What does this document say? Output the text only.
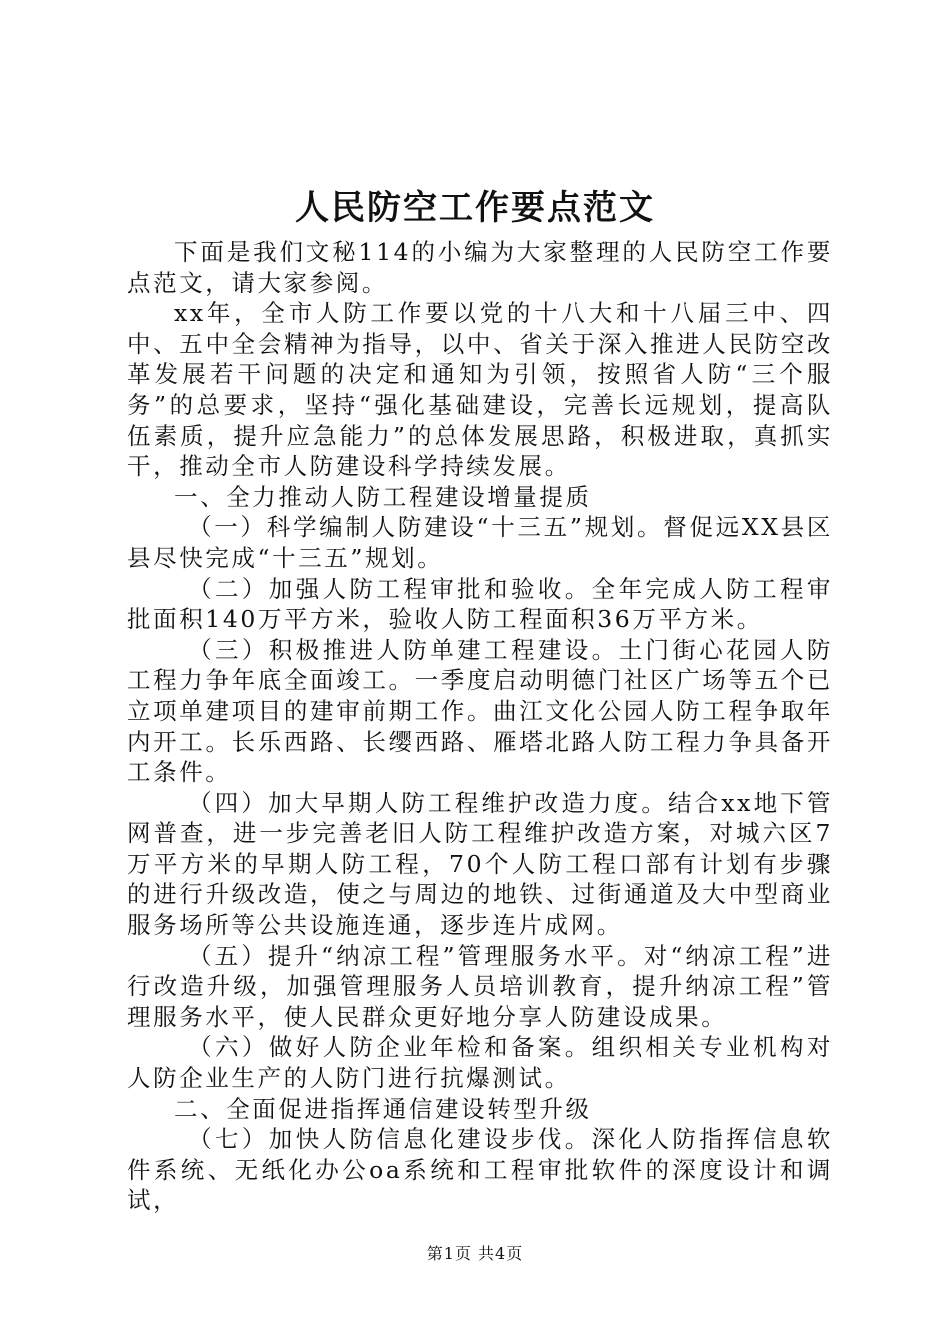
人民防空工作要点范文

下面是我们文秘114的小编为大家整理的人民防空工作要点范文，请大家参阅。

xx年，全市人防工作要以党的十八大和十八届三中、四中、五中全会精神为指导，以中、省关于深入推进人民防空改革发展若干问题的决定和通知为引领，按照省人防“三个服务”的总要求，坚持“强化基础建设，完善长远规划，提高队伍素质，提升应急能力”的总体发展思路，积极进取，真抓实干，推动全市人防建设科学持续发展。

一、全力推动人防工程建设增量提质

（一）科学编制人防建设“十三五”规划。督促远XX县区县尽快完成“十三五”规划。

（二）加强人防工程审批和验收。全年完成人防工程审批面积140万平方米，验收人防工程面积36万平方米。

（三）积极推进人防单建工程建设。土门街心花园人防工程力争年底全面竣工。一季度启动明德门社区广场等五个已立项单建项目的建审前期工作。曲江文化公园人防工程争取年内开工。长乐西路、长缨西路、雁塔北路人防工程力争具备开工条件。

（四）加大早期人防工程维护改造力度。结合xx地下管网普查，进一步完善老旧人防工程维护改造方案，对城六区7万平方米的早期人防工程，70个人防工程口部有计划有步骤的进行升级改造，使之与周边的地铁、过街通道及大中型商业服务场所等公共设施连通，逐步连片成网。

（五）提升“纳凉工程”管理服务水平。对“纳凉工程”进行改造升级，加强管理服务人员培训教育，提升纳凉工程”管理服务水平，使人民群众更好地分享人防建设成果。

（六）做好人防企业年检和备案。组织相关专业机构对人防企业生产的人防门进行抗爆测试。

二、全面促进指挥通信建设转型升级

（七）加快人防信息化建设步伐。深化人防指挥信息软件系统、无纸化办公oa系统和工程审批软件的深度设计和调试，

第1页 共4页
